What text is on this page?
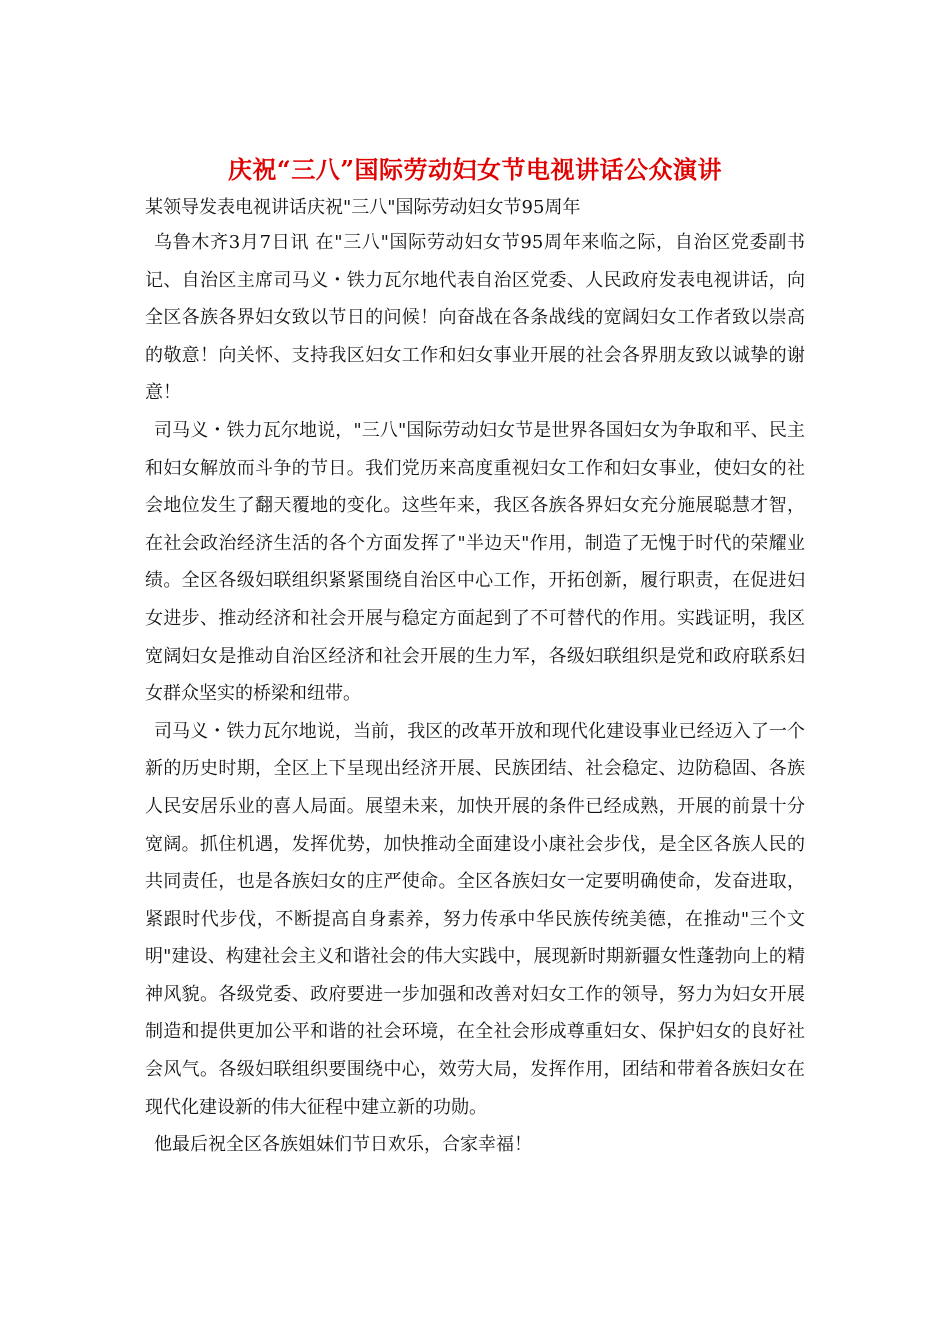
庆祝“三八”国际劳动妇女节电视讲话公众演讲

某领导发表电视讲话庆祝"三八"国际劳动妇女节95周年

乌鲁木齐3月7日讯 在"三八"国际劳动妇女节95周年来临之际，自治区党委副书记、自治区主席司马义・铁力瓦尔地代表自治区党委、人民政府发表电视讲话，向全区各族各界妇女致以节日的问候！向奋战在各条战线的宽阔妇女工作者致以崇高的敬意！向关怀、支持我区妇女工作和妇女事业开展的社会各界朋友致以诚挚的谢意！

司马义・铁力瓦尔地说，"三八"国际劳动妇女节是世界各国妇女为争取和平、民主和妇女解放而斗争的节日。我们党历来高度重视妇女工作和妇女事业，使妇女的社会地位发生了翻天覆地的变化。这些年来，我区各族各界妇女充分施展聪慧才智，在社会政治经济生活的各个方面发挥了"半边天"作用，制造了无愧于时代的荣耀业绩。全区各级妇联组织紧紧围绕自治区中心工作，开拓创新，履行职责，在促进妇女进步、推动经济和社会开展与稳定方面起到了不可替代的作用。实践证明，我区宽阔妇女是推动自治区经济和社会开展的生力军，各级妇联组织是党和政府联系妇女群众坚实的桥梁和纽带。

司马义・铁力瓦尔地说，当前，我区的改革开放和现代化建设事业已经迈入了一个新的历史时期，全区上下呈现出经济开展、民族团结、社会稳定、边防稳固、各族人民安居乐业的喜人局面。展望未来，加快开展的条件已经成熟，开展的前景十分宽阔。抓住机遇，发挥优势，加快推动全面建设小康社会步伐，是全区各族人民的共同责任，也是各族妇女的庄严使命。全区各族妇女一定要明确使命，发奋进取，紧跟时代步伐，不断提高自身素养，努力传承中华民族传统美德，在推动"三个文明"建设、构建社会主义和谐社会的伟大实践中，展现新时期新疆女性蓬勃向上的精神风貌。各级党委、政府要进一步加强和改善对妇女工作的领导，努力为妇女开展制造和提供更加公平和谐的社会环境，在全社会形成尊重妇女、保护妇女的良好社会风气。各级妇联组织要围绕中心，效劳大局，发挥作用，团结和带着各族妇女在现代化建设新的伟大征程中建立新的功勋。

他最后祝全区各族姐妹们节日欢乐，合家幸福！
